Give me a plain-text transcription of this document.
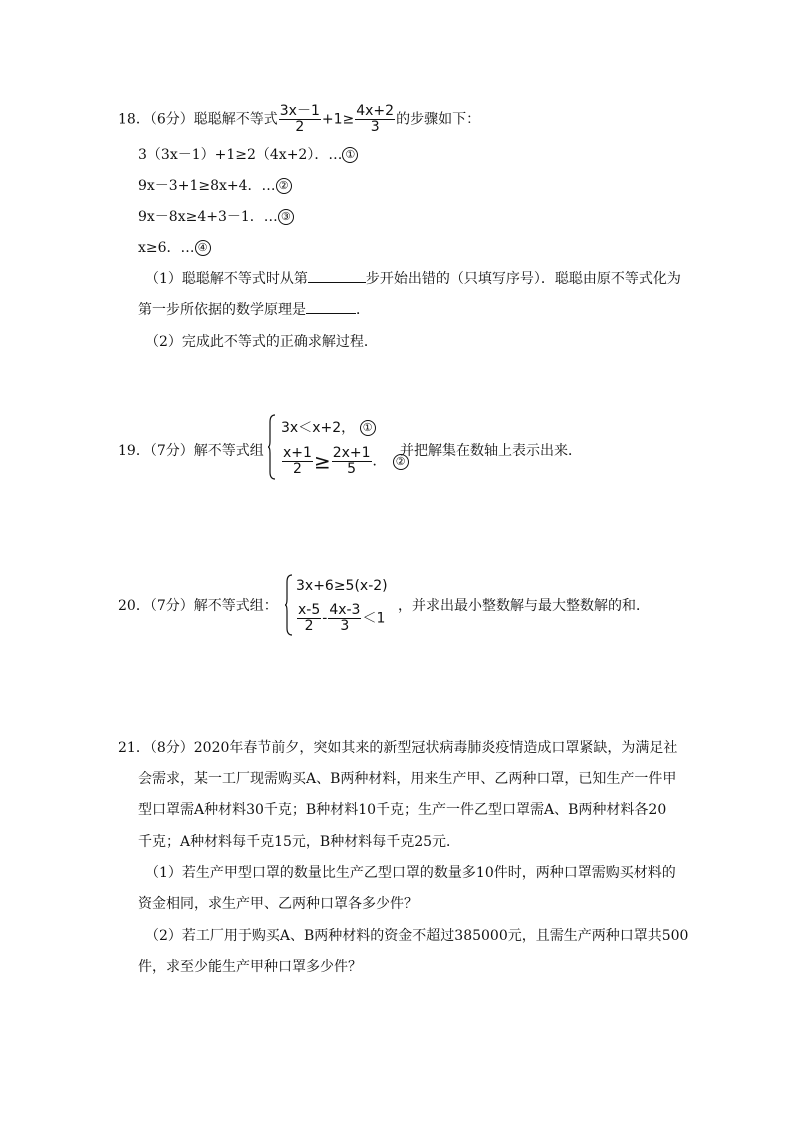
18．（6分）聪聪解不等式 $\frac{3x-1}{2} +1\ge \frac{4x+2}{3}$ 的步骤如下：
3（3x－1）+1≥2（4x+2）．… ①
9x－3+1≥8x+4．… ②
9x－8x≥4+3－1．… ③
x≥6．… ④
（1）聪聪解不等式时从第	步开始出错的（只填写序号）．聪聪由原不等式化为
第一步所依据的数学原理是	．
（2）完成此不等式的正确求解过程．
19．（7分）解不等式组
3x＜x+2， ①
$\frac{x+1}{2} \ge \frac{2x+1}{5}$ ． ②
并把解集在数轴上表示出来．
20．（7分）解不等式组：
3x+6≥5(x-2)
$\frac{x-5}{2} - \frac{4x-3}{3} <1$
，并求出最小整数解与最大整数解的和．
21．（8分）2020年春节前夕，突如其来的新型冠状病毒肺炎疫情造成口罩紧缺，为满足社
会需求，某一工厂现需购买A、B两种材料，用来生产甲、乙两种口罩，已知生产一件甲
型口罩需A种材料30千克；B种材料10千克；生产一件乙型口罩需A、B两种材料各20
千克；A种材料每千克15元，B种材料每千克25元．
（1）若生产甲型口罩的数量比生产乙型口罩的数量多10件时，两种口罩需购买材料的
资金相同，求生产甲、乙两种口罩各多少件？
（2）若工厂用于购买A、B两种材料的资金不超过385000元，且需生产两种口罩共500
件，求至少能生产甲种口罩多少件？
